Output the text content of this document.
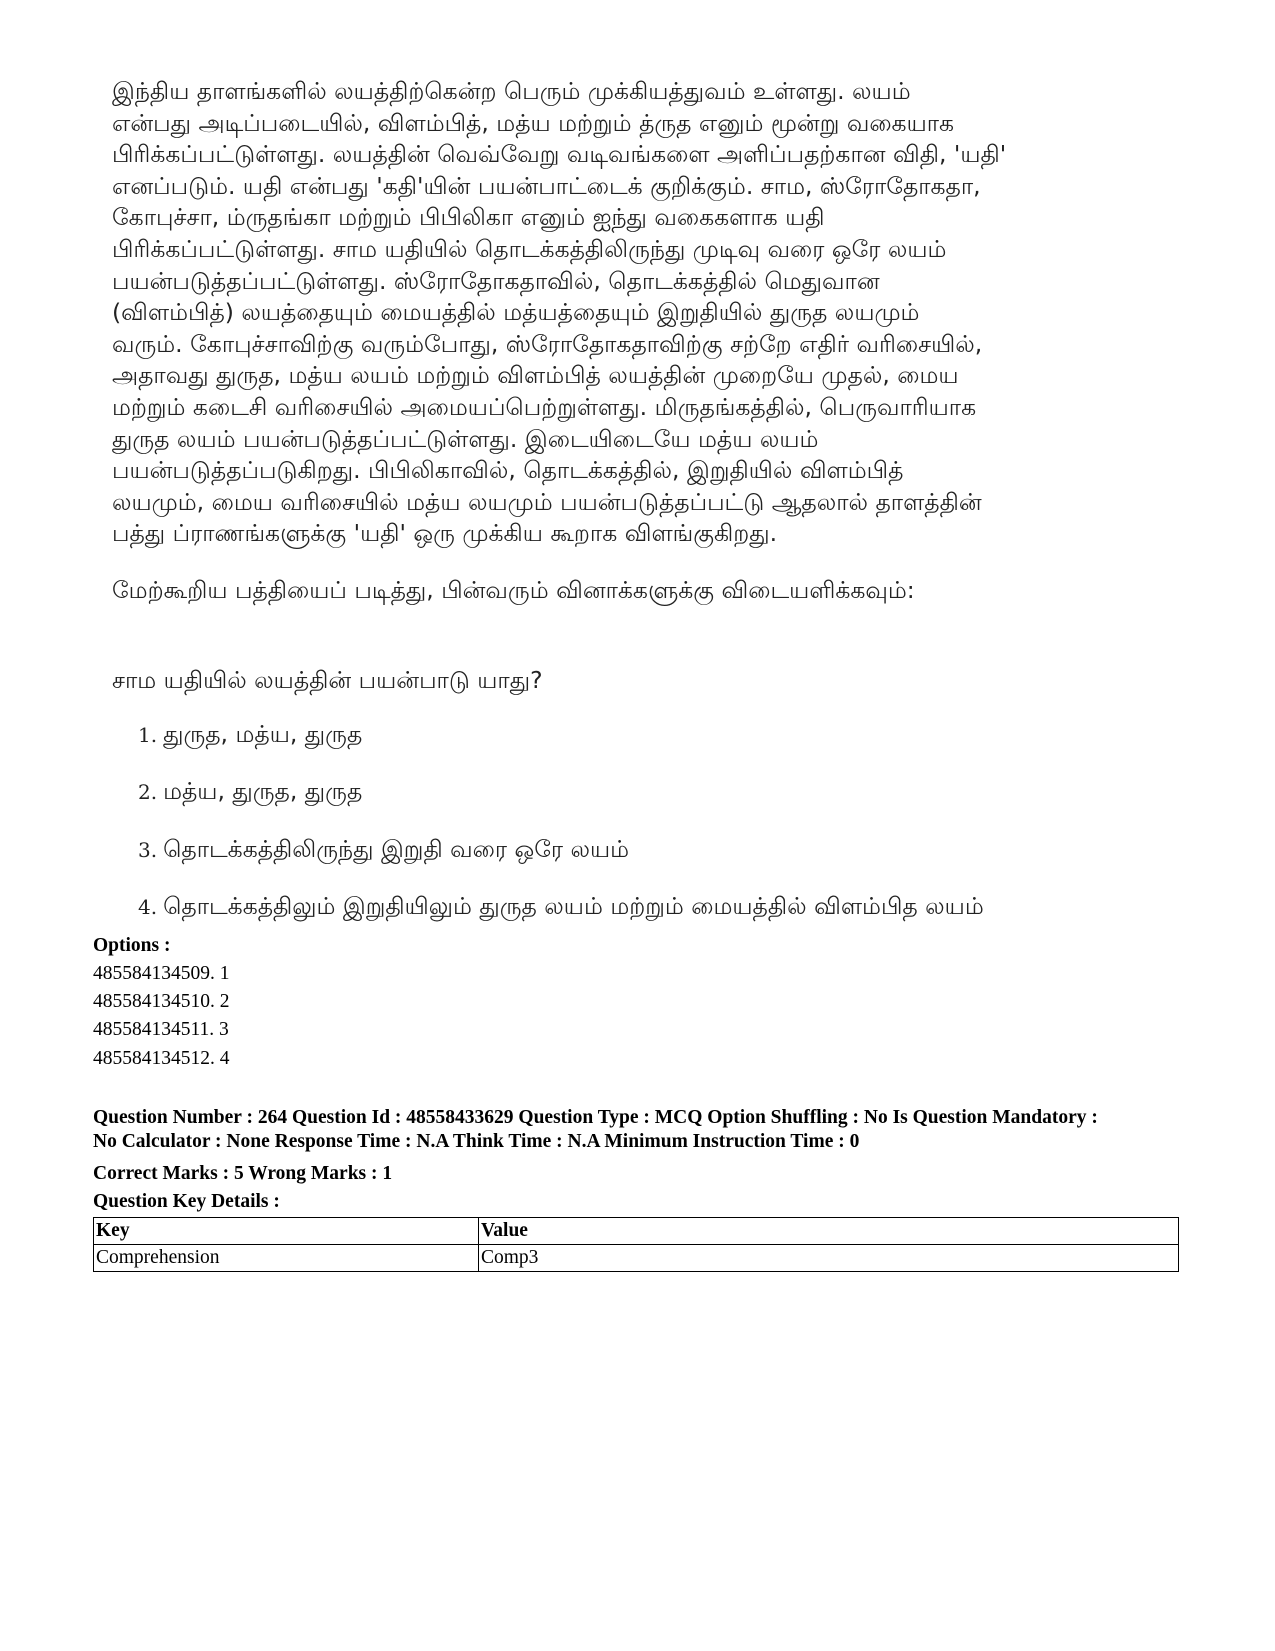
இந்திய தாளங்களில் லயத்திற்கென்ற பெரும் முக்கியத்துவம் உள்ளது. லயம்
என்பது அடிப்படையில், விளம்பித், மத்ய மற்றும் த்ருத எனும் மூன்று வகையாக
பிரிக்கப்பட்டுள்ளது. லயத்தின் வெவ்வேறு வடிவங்களை அளிப்பதற்கான விதி, 'யதி'
எனப்படும். யதி என்பது 'கதி'யின் பயன்பாட்டைக் குறிக்கும். சாம, ஸ்ரோதோகதா,
கோபுச்சா, ம்ருதங்கா மற்றும் பிபிலிகா எனும் ஐந்து வகைகளாக யதி
பிரிக்கப்பட்டுள்ளது. சாம யதியில் தொடக்கத்திலிருந்து முடிவு வரை ஒரே லயம்
பயன்படுத்தப்பட்டுள்ளது. ஸ்ரோதோகதாவில், தொடக்கத்தில் மெதுவான
(விளம்பித்) லயத்தையும் மையத்தில் மத்யத்தையும் இறுதியில் துருத லயமும்
வரும். கோபுச்சாவிற்கு வரும்போது, ஸ்ரோதோகதாவிற்கு சற்றே எதிர் வரிசையில்,
அதாவது துருத, மத்ய லயம் மற்றும் விளம்பித் லயத்தின் முறையே முதல், மைய
மற்றும் கடைசி வரிசையில் அமையப்பெற்றுள்ளது. மிருதங்கத்தில், பெருவாரியாக
துருத லயம் பயன்படுத்தப்பட்டுள்ளது. இடையிடையே மத்ய லயம்
பயன்படுத்தப்படுகிறது. பிபிலிகாவில், தொடக்கத்தில், இறுதியில் விளம்பித்
லயமும், மைய வரிசையில் மத்ய லயமும் பயன்படுத்தப்பட்டு ஆதலால் தாளத்தின்
பத்து ப்ராணங்களுக்கு 'யதி' ஒரு முக்கிய கூறாக விளங்குகிறது.

மேற்கூறிய பத்தியைப் படித்து, பின்வரும் வினாக்களுக்கு விடையளிக்கவும்:

சாம யதியில் லயத்தின் பயன்பாடு யாது?

1. துருத, மத்ய, துருத
2. மத்ய, துருத, துருத
3. தொடக்கத்திலிருந்து இறுதி வரை ஒரே லயம்
4. தொடக்கத்திலும் இறுதியிலும் துருத லயம் மற்றும் மையத்தில் விளம்பித லயம்

Options :

485584134509. 1
485584134510. 2
485584134511. 3
485584134512. 4
Question Number : 264 Question Id : 48558433629 Question Type : MCQ Option Shuffling : No Is Question Mandatory :
No Calculator : None Response Time : N.A Think Time : N.A Minimum Instruction Time : 0

Correct Marks : 5 Wrong Marks : 1

Question Key Details :

Key	Value
Comprehension	Comp3
